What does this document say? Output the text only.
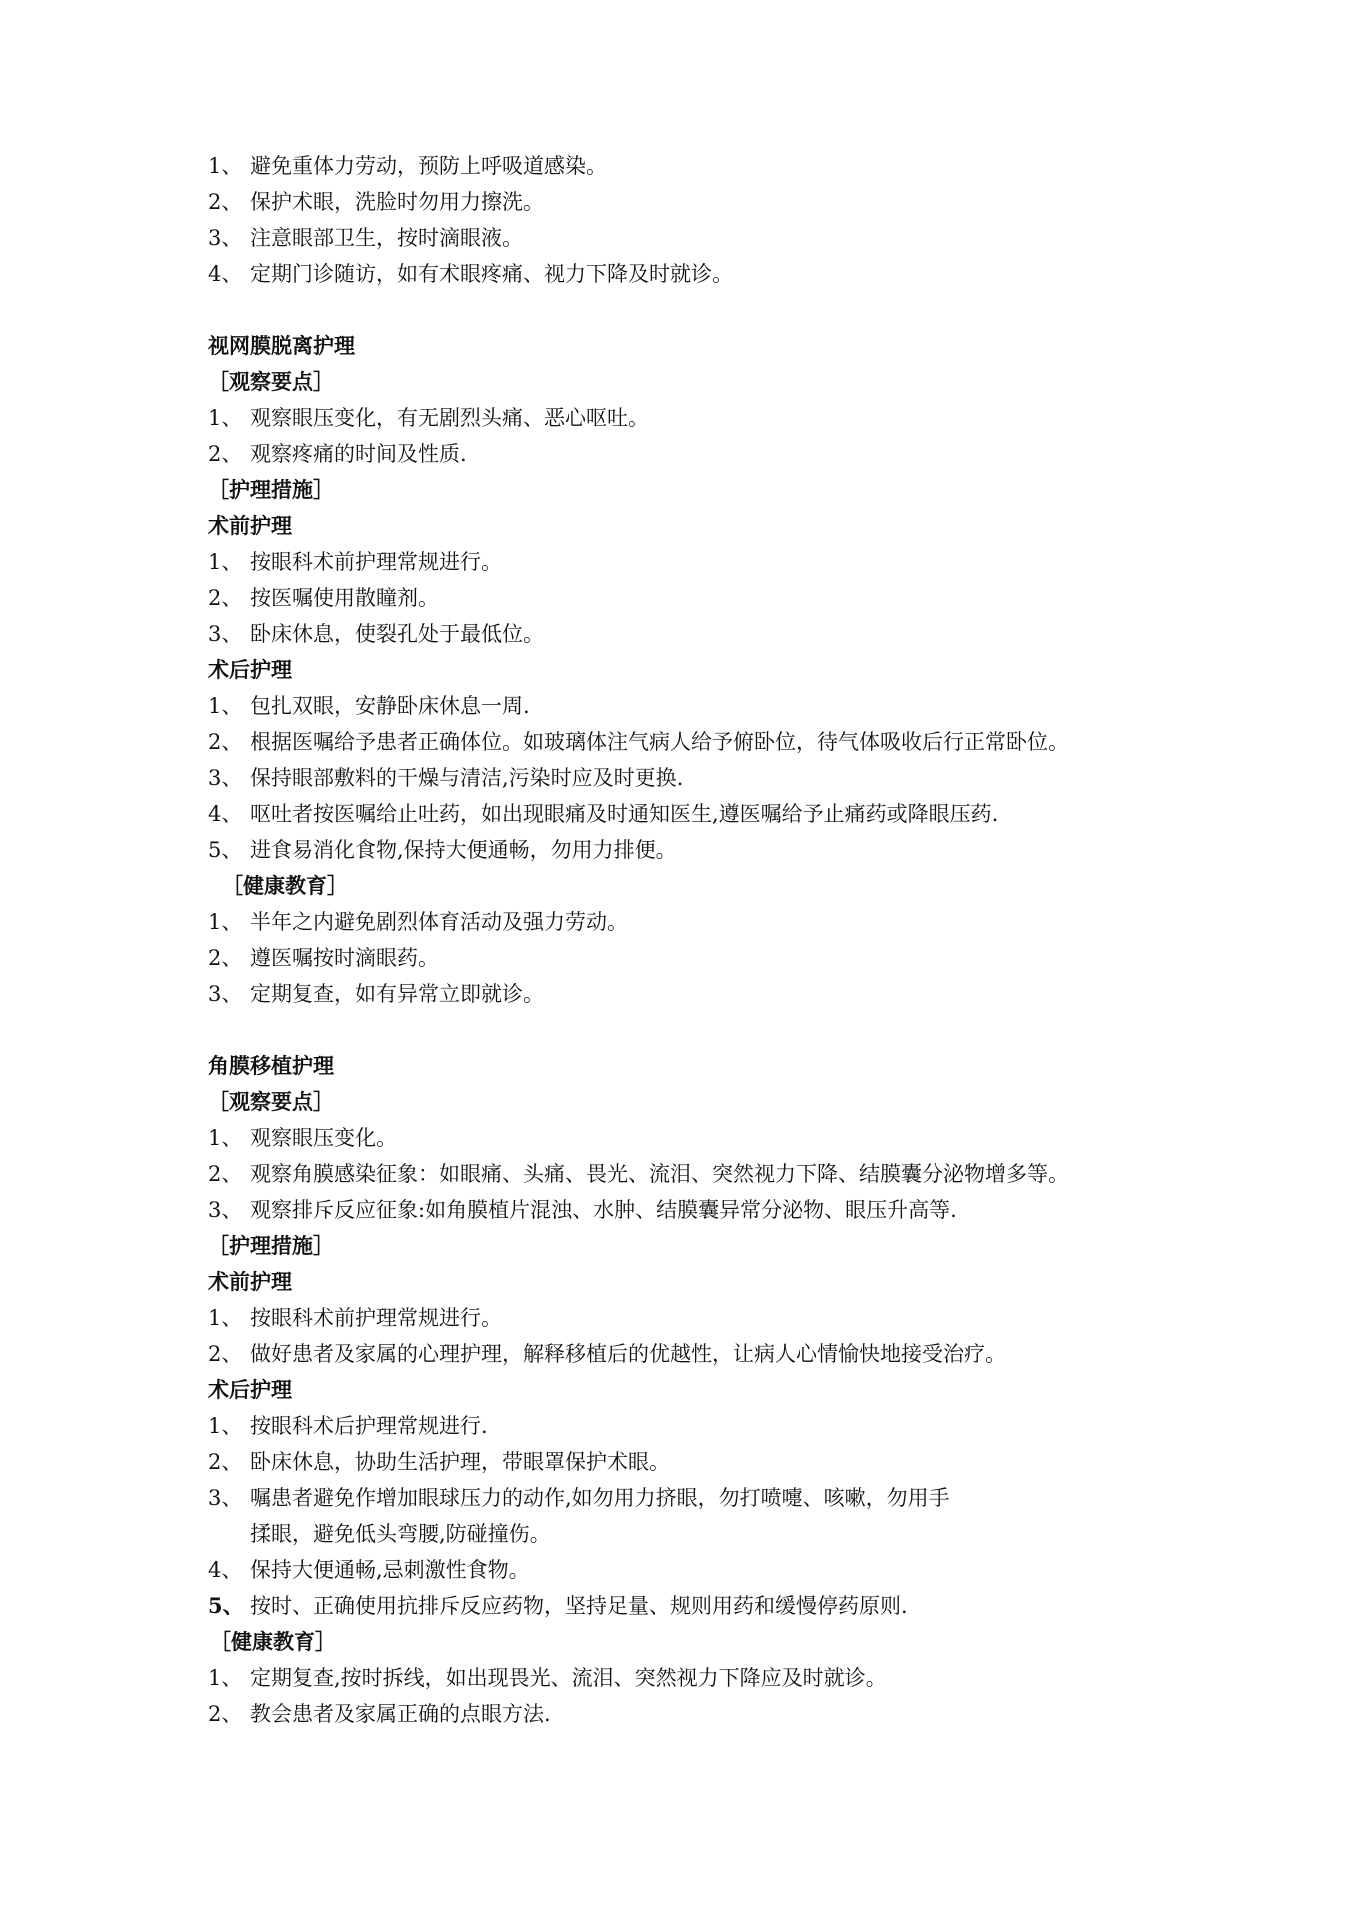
1、 避免重体力劳动，预防上呼吸道感染。
2、 保护术眼，洗脸时勿用力擦洗。
3、 注意眼部卫生，按时滴眼液。
4、 定期门诊随访，如有术眼疼痛、视力下降及时就诊。
视网膜脱离护理
［观察要点］
1、 观察眼压变化，有无剧烈头痛、恶心呕吐。
2、 观察疼痛的时间及性质.
［护理措施］
术前护理
1、 按眼科术前护理常规进行。
2、 按医嘱使用散瞳剂。
3、 卧床休息，使裂孔处于最低位。
术后护理
1、 包扎双眼，安静卧床休息一周.
2、 根据医嘱给予患者正确体位。如玻璃体注气病人给予俯卧位，待气体吸收后行正常卧位。
3、 保持眼部敷料的干燥与清洁,污染时应及时更换.
4、 呕吐者按医嘱给止吐药，如出现眼痛及时通知医生,遵医嘱给予止痛药或降眼压药.
5、 进食易消化食物,保持大便通畅，勿用力排便。
［健康教育］
1、 半年之内避免剧烈体育活动及强力劳动。
2、 遵医嘱按时滴眼药。
3、 定期复查，如有异常立即就诊。
角膜移植护理
［观察要点］
1、 观察眼压变化。
2、 观察角膜感染征象：如眼痛、头痛、畏光、流泪、突然视力下降、结膜囊分泌物增多等。
3、 观察排斥反应征象:如角膜植片混浊、水肿、结膜囊异常分泌物、眼压升高等.
［护理措施］
术前护理
1、 按眼科术前护理常规进行。
2、 做好患者及家属的心理护理，解释移植后的优越性，让病人心情愉快地接受治疗。
术后护理
1、 按眼科术后护理常规进行.
2、 卧床休息，协助生活护理，带眼罩保护术眼。
3、 嘱患者避免作增加眼球压力的动作,如勿用力挤眼，勿打喷嚏、咳嗽，勿用手揉眼，避免低头弯腰,防碰撞伤。
4、 保持大便通畅,忌刺激性食物。
5、 按时、正确使用抗排斥反应药物，坚持足量、规则用药和缓慢停药原则.
［健康教育］
1、 定期复查,按时拆线，如出现畏光、流泪、突然视力下降应及时就诊。
2、 教会患者及家属正确的点眼方法.
